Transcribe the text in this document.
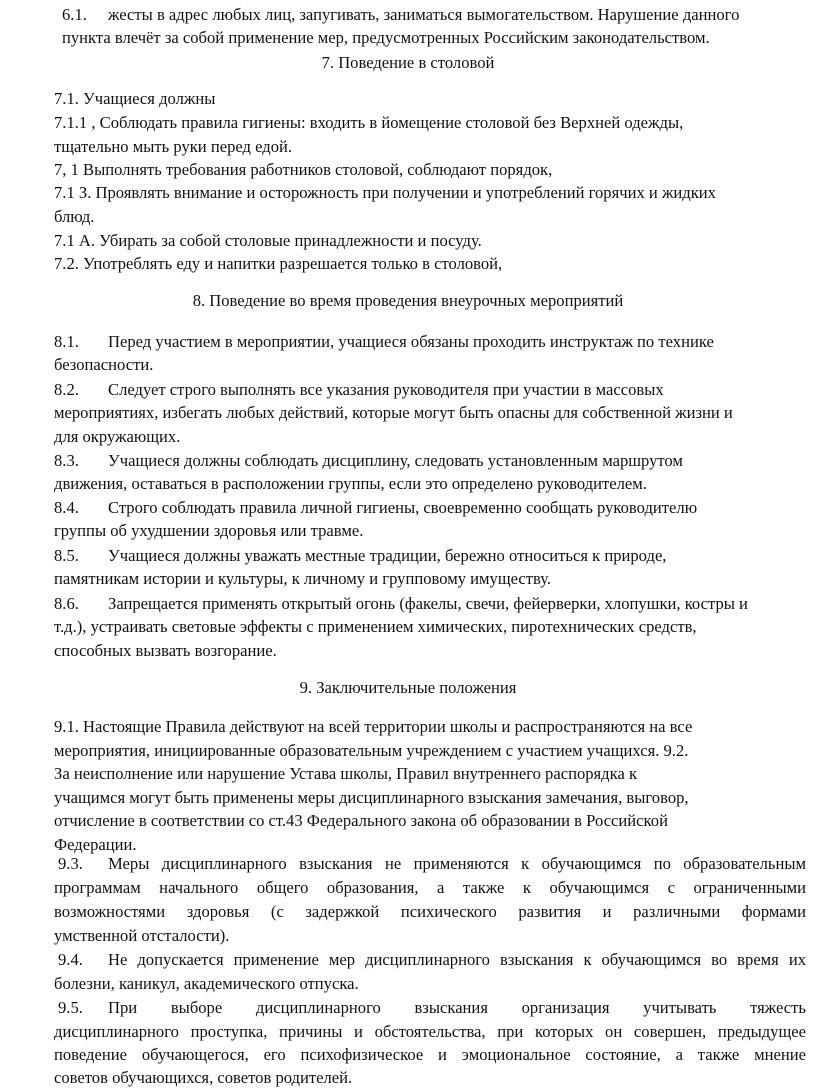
6.1. жесты в адрес любых лиц, запугивать, заниматься вымогательством. Нарушение данного
пункта влечёт за собой применение мер, предусмотренных Российским законодательством.
7. Поведение в столовой
7.1. Учащиеся должны
7.1.1 , Соблюдать правила гигиены: входить в йомещение столовой без Верхней одежды,
тщательно мыть руки перед едой.
7, 1 Выполнять требования работников столовой, соблюдают порядок,
7.1 З. Проявлять внимание и осторожность при получении и употреблений горячих и жидких
блюд.
7.1 А. Убирать за собой столовые принадлежности и посуду.
7.2. Употреблять еду и напитки разрешается только в столовой,
8. Поведение во время проведения внеурочных мероприятий
8.1. Перед участием в мероприятии, учащиеся обязаны проходить инструктаж по технике
безопасности.
8.2. Следует строго выполнять все указания руководителя при участии в массовых
мероприятиях, избегать любых действий, которые могут быть опасны для собственной жизни и
для окружающих.
8.3. Учащиеся должны соблюдать дисциплину, следовать установленным маршрутом
движения, оставаться в расположении группы, если это определено руководителем.
8.4. Строго соблюдать правила личной гигиены, своевременно сообщать руководителю
группы об ухудшении здоровья или травме.
8.5. Учащиеся должны уважать местные традиции, бережно относиться к природе,
памятникам истории и культуры, к личному и групповому имуществу.
8.6. Запрещается применять открытый огонь (факелы, свечи, фейерверки, хлопушки, костры и
т.д.), устраивать световые эффекты с применением химических, пиротехнических средств,
способных вызвать возгорание.
9. Заключительные положения
9.1. Настоящие Правила действуют на всей территории школы и распространяются на все
мероприятия, инициированные образовательным учреждением с участием учащихся. 9.2.
За неисполнение или нарушение Устава школы, Правил внутреннего распорядка к
учащимся могут быть применены меры дисциплинарного взыскания замечания, выговор,
отчисление в соответствии со ст.43 Федерального закона об образовании в Российской
Федерации.
9.3. Меры дисциплинарного взыскания не применяются к обучающимся по образовательным
программам начального общего образования, а также к обучающимся с ограниченными
возможностями здоровья (с задержкой психического развития и различными формами
умственной отсталости).
9.4. Не допускается применение мер дисциплинарного взыскания к обучающимся во время их
болезни, каникул, академического отпуска.
9.5. При выборе дисциплинарного взыскания организация учитывать тяжесть
дисциплинарного проступка, причины и обстоятельства, при которых он совершен, предыдущее
поведение обучающегося, его психофизическое и эмоциональное состояние, а также мнение
советов обучающихся, советов родителей.
